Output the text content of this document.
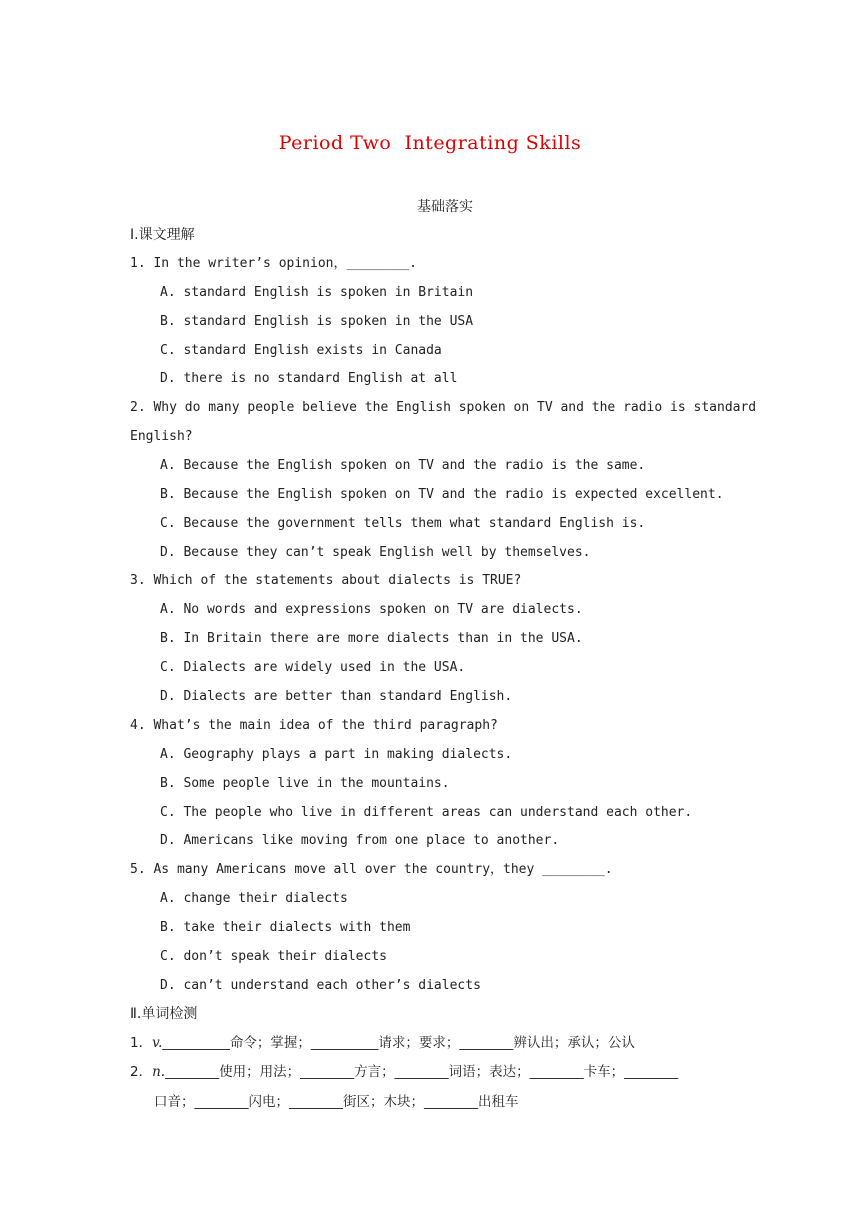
Period Two  Integrating Skills
基础落实
Ⅰ.课文理解
1. In the writer’s opinion，________.
A. standard English is spoken in Britain
B. standard English is spoken in the USA
C. standard English exists in Canada
D. there is no standard English at all
2. Why do many people believe the English spoken on TV and the radio is standard
English?
A. Because the English spoken on TV and the radio is the same.
B. Because the English spoken on TV and the radio is expected excellent.
C. Because the government tells them what standard English is.
D. Because they can’t speak English well by themselves.
3. Which of the statements about dialects is TRUE?
A. No words and expressions spoken on TV are dialects.
B. In Britain there are more dialects than in the USA.
C. Dialects are widely used in the USA.
D. Dialects are better than standard English.
4. What’s the main idea of the third paragraph?
A. Geography plays a part in making dialects.
B. Some people live in the mountains.
C. The people who live in different areas can understand each other.
D. Americans like moving from one place to another.
5. As many Americans move all over the country，they ________.
A. change their dialects
B. take their dialects with them
C. don’t speak their dialects
D. can’t understand each other’s dialects
Ⅱ.单词检测
1．v.__________命令；掌握；__________请求；要求；________辨认出；承认；公认
2．n.________使用；用法；________方言；________词语；表达；________卡车；________
口音；________闪电；________街区；木块；________出租车
